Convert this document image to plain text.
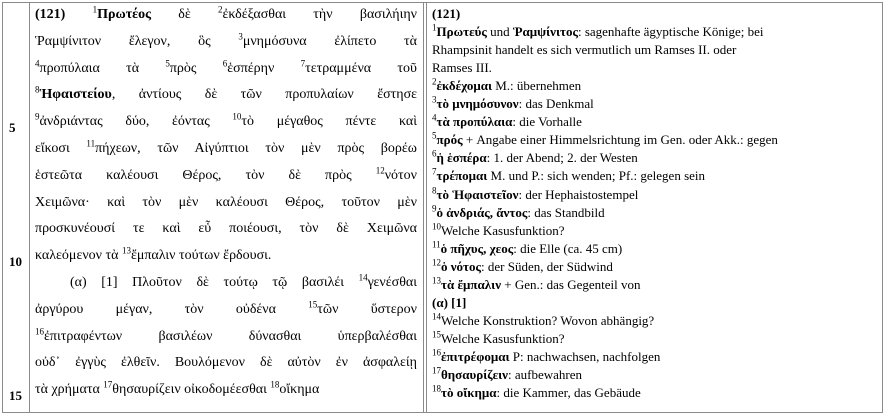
5
10
15

(121) $^1$Πρωτέος δὲ $^2$ἐκδέξασθαι τὴν βασιλήιην
Ῥαμψίνιτον ἔλεγον, ὃς $^3$μνημόσυνα ἐλίπετο τὰ
$^4$προπύλαια τὰ $^5$πρὸς $^6$ἑσπέρην $^7$τετραμμένα τοῦ
$^8$Ἡφαιστείου, ἀντίους δὲ τῶν προπυλαίων ἔστησε
$^9$ἀνδριάντας δύο, ἐόντας $^{10}$τὸ μέγαθος πέντε καὶ
εἴκοσι $^{11}$πήχεων, τῶν Αἰγύπτιοι τὸν μὲν πρὸς βορέω
ἑστεῶτα καλέουσι Θέρος, τὸν δὲ πρὸς $^{12}$νότον
Χειμῶνα· καὶ τὸν μὲν καλέουσι Θέρος, τοῦτον μὲν
προσκυνέουσί τε καὶ εὖ ποιέουσι, τὸν δὲ Χειμῶνα
καλεόμενον τὰ $^{13}$ἔμπαλιν τούτων ἔρδουσι.
(α) [1] Πλοῦτον δὲ τούτῳ τῷ βασιλέι $^{14}$γενέσθαι
ἀργύρου μέγαν, τὸν οὐδένα $^{15}$τῶν ὕστερον
$^{16}$ἐπιτραφέντων βασιλέων δύνασθαι ὑπερβαλέσθαι
οὐδ᾽ ἐγγὺς ἐλθεῖν. Βουλόμενον δὲ αὐτὸν ἐν ἀσφαλείῃ
τὰ χρήματα $^{17}$θησαυρίζειν οἰκοδομέεσθαι $^{18}$οἴκημα

(121)
$^1$Πρωτεύς und Ῥαμψίνιτος: sagenhafte ägyptische Könige; bei
Rhampsinit handelt es sich vermutlich um Ramses II. oder
Ramses III.
$^2$ἐκδέχομαι M.: übernehmen
$^3$τὸ μνημόσυνον: das Denkmal
$^4$τὰ προπύλαια: die Vorhalle
$^5$πρός + Angabe einer Himmelsrichtung im Gen. oder Akk.: gegen
$^6$ἡ ἑσπέρα: 1. der Abend; 2. der Westen
$^7$τρέπομαι M. und P.: sich wenden; Pf.: gelegen sein
$^8$τὸ Ἡφαιστεῖον: der Hephaistostempel
$^9$ὁ ἀνδριάς, ἄντος: das Standbild
$^{10}$Welche Kasusfunktion?
$^{11}$ὁ πῆχυς, χεος: die Elle (ca. 45 cm)
$^{12}$ὁ νότος: der Süden, der Südwind
$^{13}$τὰ ἔμπαλιν + Gen.: das Gegenteil von
(α) [1]
$^{14}$Welche Konstruktion? Wovon abhängig?
$^{15}$Welche Kasusfunktion?
$^{16}$ἐπιτρέφομαι P: nachwachsen, nachfolgen
$^{17}$θησαυρίζειν: aufbewahren
$^{18}$τὸ οἴκημα: die Kammer, das Gebäude
